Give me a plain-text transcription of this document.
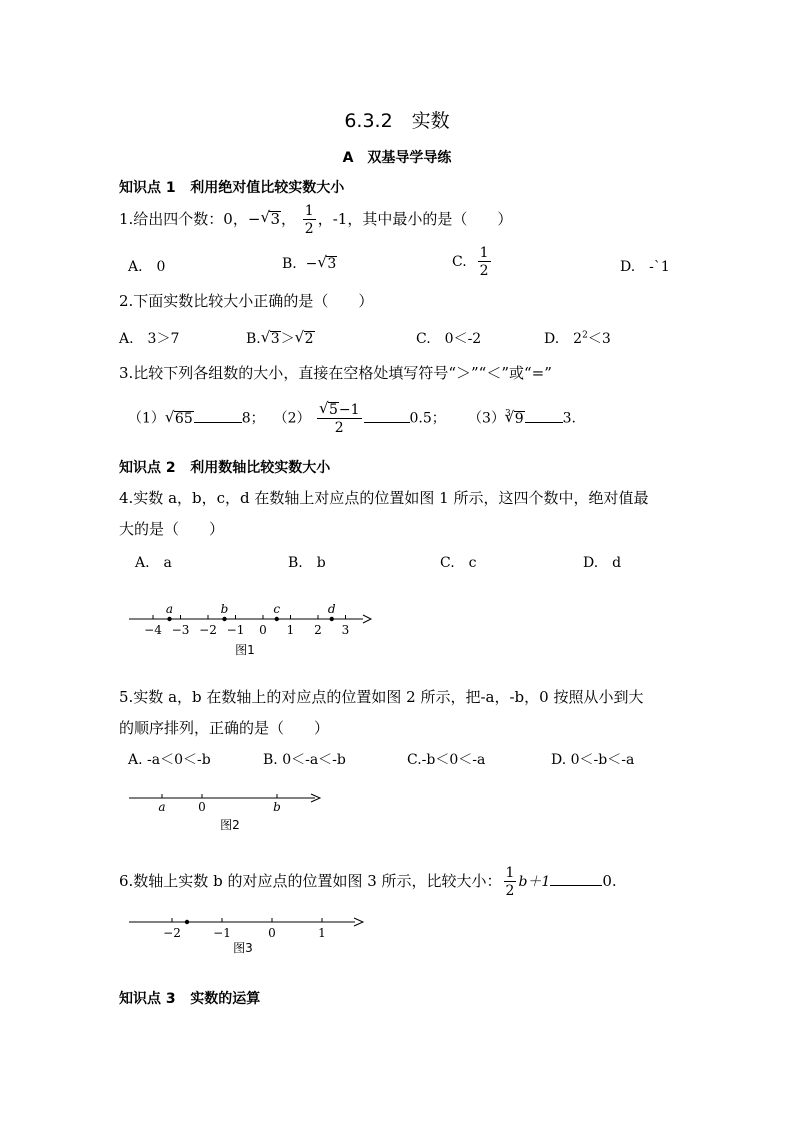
6.3.2　实数
A　双基导学导练
知识点 1 利用绝对值比较实数大小
1.给出四个数：0，−√ 3， $\frac{1}{2}$ ，-1，其中最小的是（　　）
A.　0	B. −√ 3	C. $\frac{1}{2}$	D.　-`1
2.下面实数比较大小正确的是（　　）
A.　3＞7	B.√ 3＞√ 2	C.　0＜-2	D.　$2^2<3$
3.比较下列各组数的大小，直接在空格处填写符号“＞”“＜”或“=”
（1）√ 65	8； （2）
√ $\frac{5-1}{2}$	0.5； $(3)^3√$ 9	3.
知识点 2 利用数轴比较实数大小
4.实数 a，b，c，d 在数轴上对应点的位置如图 1 所示，这四个数中，绝对值最
大的是（　　）
A.　a	B.　b	C.　c	D.　d
−4 −3 −2 −1 0 1 2 3
a	b	c	d
图1
5.实数 a，b 在数轴上的对应点的位置如图 2 所示，把-a，-b，0 按照从小到大
的顺序排列，正确的是（　　）
A. -a＜0＜-b	B. 0＜-a＜-b	C.-b＜0＜-a	D. 0＜-b＜-a
a	0	b
图2
6.数轴上实数 b 的对应点的位置如图 3 所示，比较大小： $\frac{1}{2} b+1$	0.
−2	−1	0	1
图3
知识点 3 实数的运算
